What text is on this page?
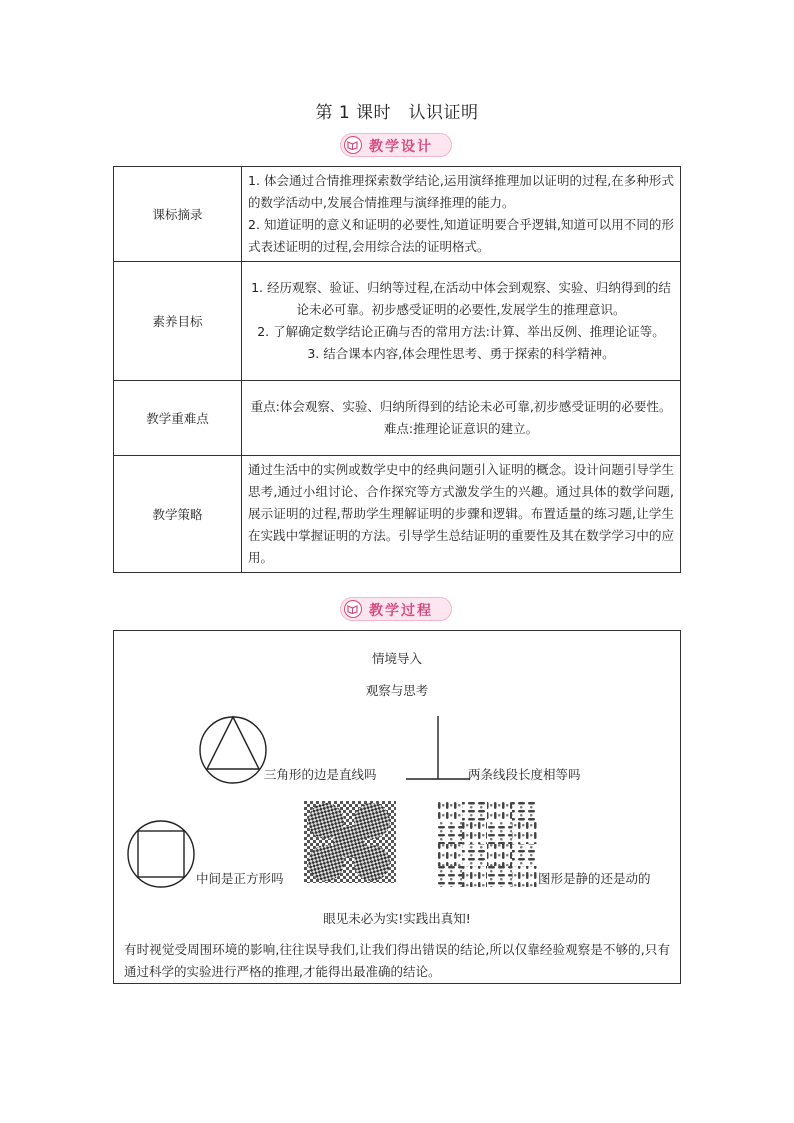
第 1 课时　认识证明
教学设计
课标摘录	1. 体会通过合情推理探索数学结论,运用演绎推理加以证明的过程,在多种形式的数学活动中,发展合情推理与演绎推理的能力。
2. 知道证明的意义和证明的必要性,知道证明要合乎逻辑,知道可以用不同的形式表述证明的过程,会用综合法的证明格式。

素养目标	1. 经历观察、验证、归纳等过程,在活动中体会到观察、实验、归纳得到的结论未必可靠。初步感受证明的必要性,发展学生的推理意识。
2. 了解确定数学结论正确与否的常用方法:计算、举出反例、推理论证等。
3. 结合课本内容,体会理性思考、勇于探索的科学精神。

教学重难点	重点:体会观察、实验、归纳所得到的结论未必可靠,初步感受证明的必要性。
难点:推理论证意识的建立。

教学策略	通过生活中的实例或数学史中的经典问题引入证明的概念。设计问题引导学生思考,通过小组讨论、合作探究等方式激发学生的兴趣。通过具体的数学问题,展示证明的过程,帮助学生理解证明的步骤和逻辑。布置适量的练习题,让学生在实践中掌握证明的方法。引导学生总结证明的重要性及其在数学学习中的应用。
教学过程
情境导入
观察与思考
三角形的边是直线吗	两条线段长度相等吗
中间是正方形吗	图形是静的还是动的
眼见未必为实!实践出真知!
有时视觉受周围环境的影响,往往误导我们,让我们得出错误的结论,所以仅靠经验观察是不够的,只有通过科学的实验进行严格的推理,才能得出最准确的结论。
